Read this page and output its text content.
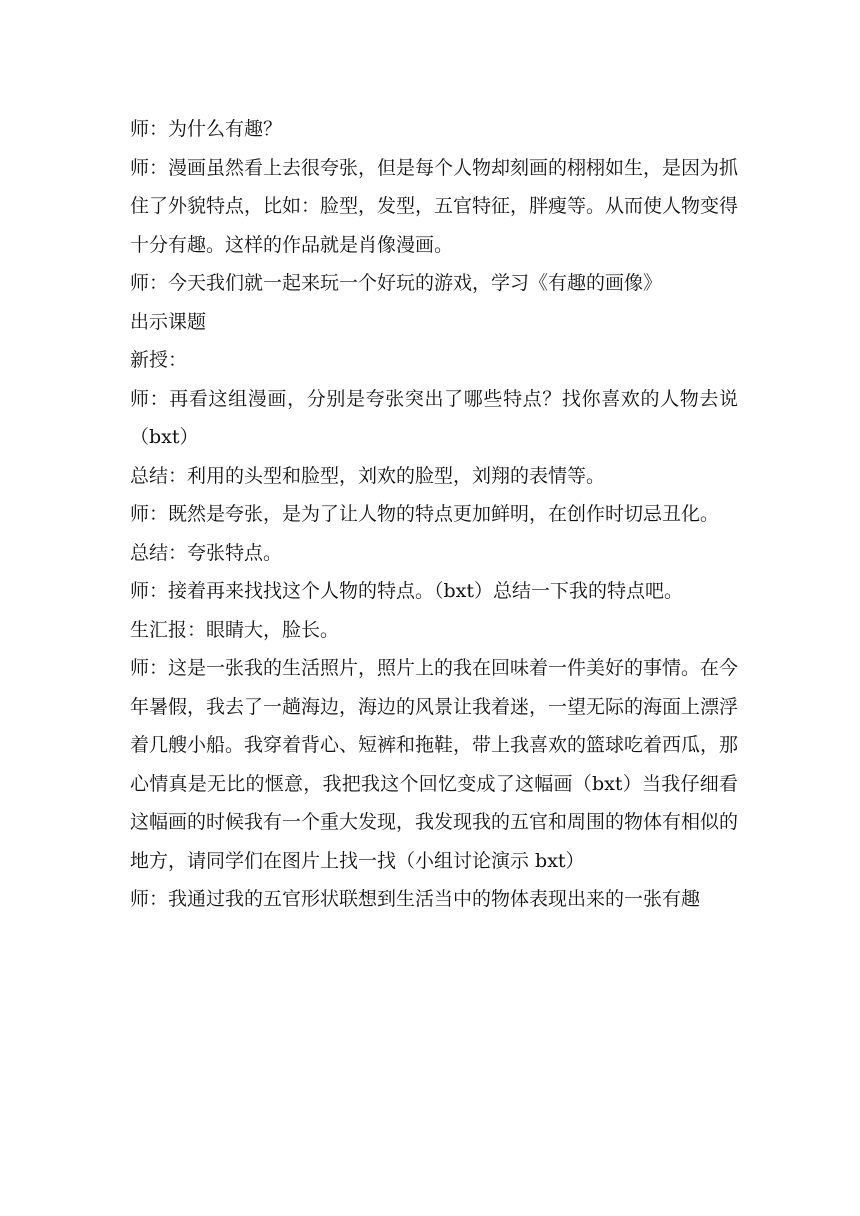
师：为什么有趣？

师：漫画虽然看上去很夸张，但是每个人物却刻画的栩栩如生，是因为抓住了外貌特点，比如：脸型，发型，五官特征，胖瘦等。从而使人物变得十分有趣。这样的作品就是肖像漫画。

师：今天我们就一起来玩一个好玩的游戏，学习《有趣的画像》

出示课题

新授：

师：再看这组漫画，分别是夸张突出了哪些特点？找你喜欢的人物去说（bxt）

总结：利用的头型和脸型，刘欢的脸型，刘翔的表情等。

师：既然是夸张，是为了让人物的特点更加鲜明，在创作时切忌丑化。

总结：夸张特点。

师：接着再来找找这个人物的特点。（bxt）总结一下我的特点吧。

生汇报：眼睛大，脸长。

师：这是一张我的生活照片，照片上的我在回味着一件美好的事情。在今年暑假，我去了一趟海边，海边的风景让我着迷，一望无际的海面上漂浮着几艘小船。我穿着背心、短裤和拖鞋，带上我喜欢的篮球吃着西瓜，那心情真是无比的惬意，我把我这个回忆变成了这幅画（bxt）当我仔细看这幅画的时候我有一个重大发现，我发现我的五官和周围的物体有相似的地方，请同学们在图片上找一找（小组讨论演示 bxt）

师：我通过我的五官形状联想到生活当中的物体表现出来的一张有趣
